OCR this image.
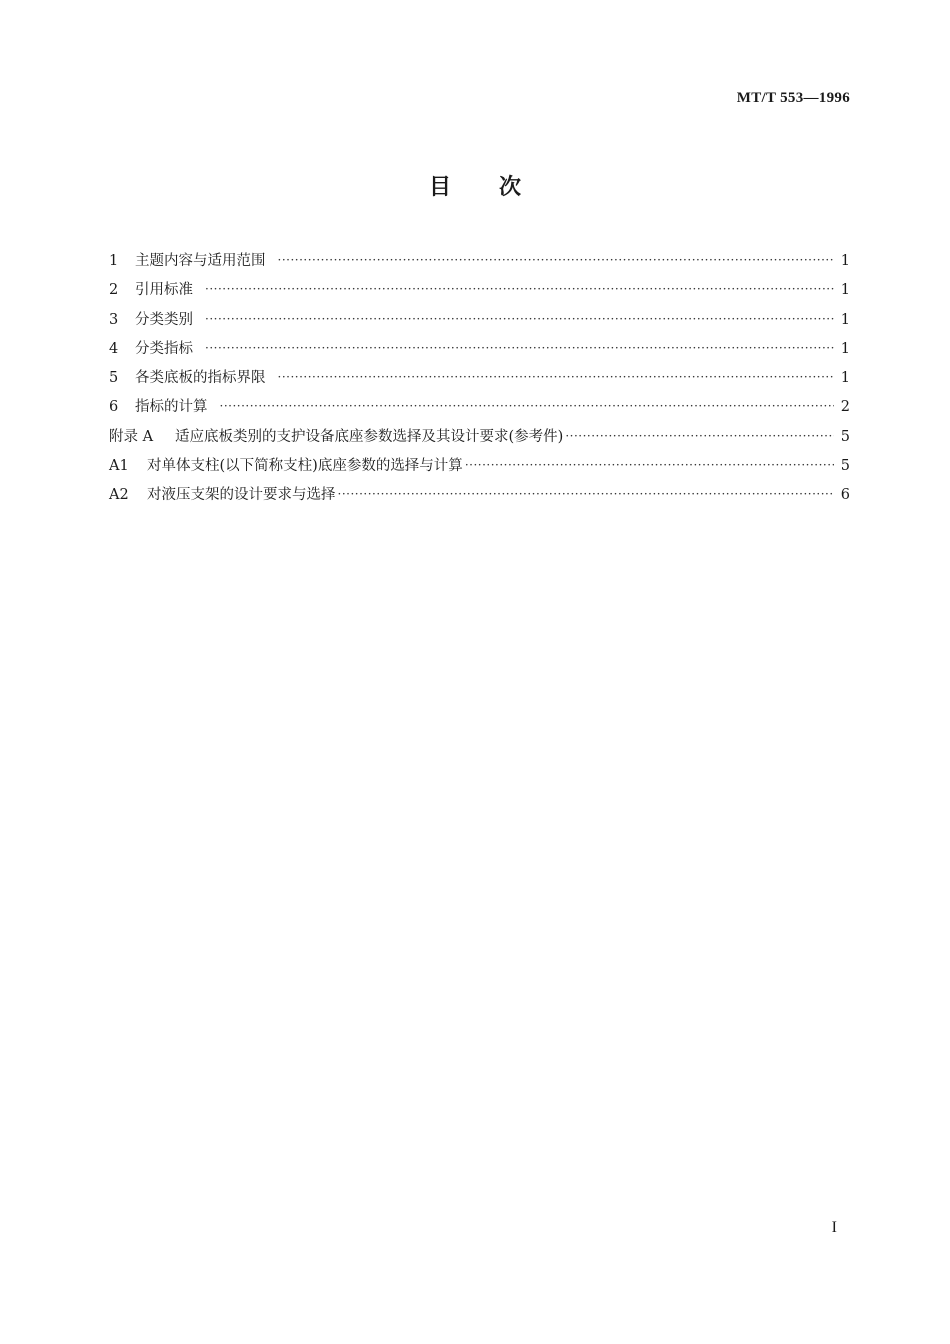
MT/T 553—1996
目 次
1	主题内容与适用范围 ·····	1
2	引用标准 ·····	1
3	分类类别 ·····	1
4	分类指标 ·····	1
5	各类底板的指标界限 ·····	1
6	指标的计算 ·····	2
附录 A	适应底板类别的支护设备底座参数选择及其设计要求(参考件) ·····	5
A1	对单体支柱(以下简称支柱)底座参数的选择与计算 ·····	5
A2	对液压支架的设计要求与选择 ·····	6
I
